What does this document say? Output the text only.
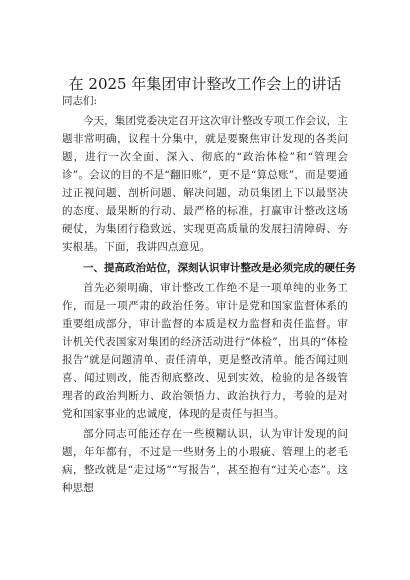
在 2025 年集团审计整改工作会上的讲话
同志们:

今天，集团党委决定召开这次审计整改专项工作会议，主题非常明确，议程十分集中，就是要聚焦审计发现的各类问题，进行一次全面、深入、彻底的“政治体检”和“管理会诊”。会议的目的不是“翻旧账”，更不是“算总账”，而是要通过正视问题、剖析问题、解决问题，动员集团上下以最坚决的态度、最果断的行动、最严格的标准，打赢审计整改这场硬仗，为集团行稳致远、实现更高质量的发展扫清障碍、夯实根基。下面，我讲四点意见。

一、提高政治站位，深刻认识审计整改是必须完成的硬任务

首先必须明确，审计整改工作绝不是一项单纯的业务工作，而是一项严肃的政治任务。审计是党和国家监督体系的重要组成部分，审计监督的本质是权力监督和责任监督。审计机关代表国家对集团的经济活动进行“体检”，出具的“体检报告”就是问题清单、责任清单，更是整改清单。能否闻过则喜、闻过则改，能否彻底整改、见到实效，检验的是各级管理者的政治判断力、政治领悟力、政治执行力，考验的是对党和国家事业的忠诚度，体现的是责任与担当。

部分同志可能还存在一些模糊认识，认为审计发现的问题，年年都有，不过是一些财务上的小瑕疵、管理上的老毛病，整改就是“走过场”“写报告”，甚至抱有“过关心态”。这种思想
